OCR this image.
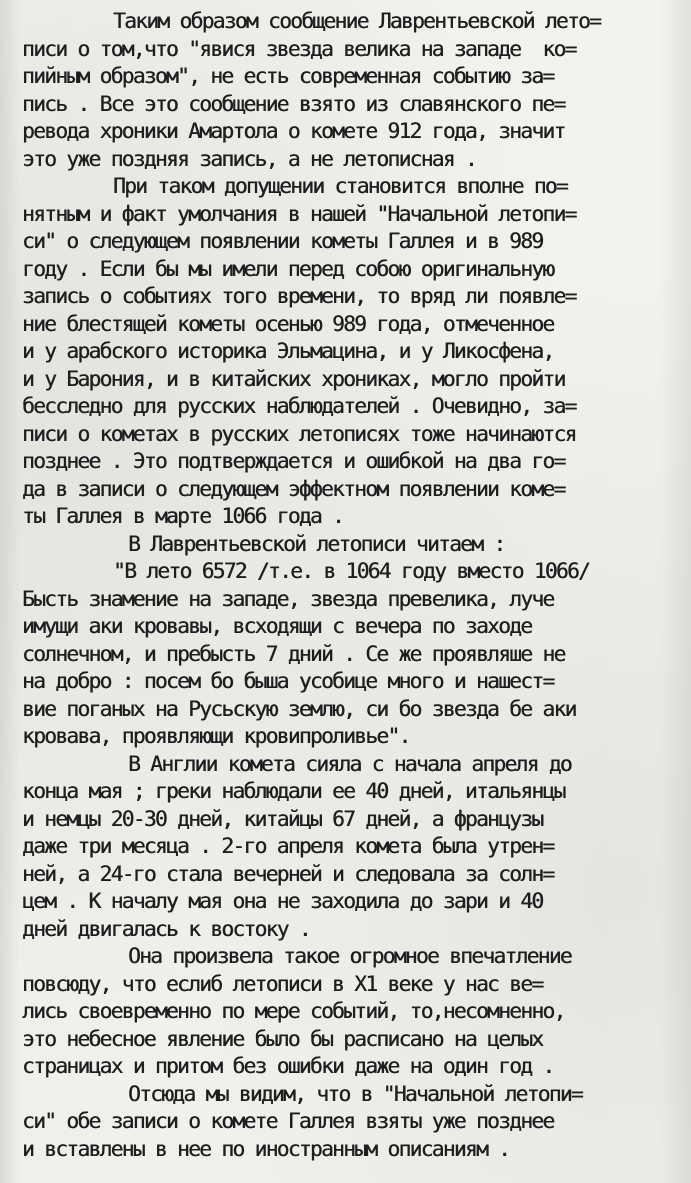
Таким образом сообщение Лаврентьевской лето=
писи о том,что "явися звезда велика на западе  ко=
пийным образом", не есть современная событию за=
пись . Все это сообщение взято из славянского пе=
ревода хроники Амартола о комете 912 года, значит
это уже поздняя запись, а не летописная .
При таком допущении становится вполне по=
нятным и факт умолчания в нашей "Начальной летопи=
си" о следующем появлении кометы Галлея и в 989
году . Если бы мы имели перед собою оригинальную
запись о событиях того времени, то вряд ли появле=
ние блестящей кометы осенью 989 года, отмеченное
и у арабского историка Эльмацина, и у Ликосфена,
и у Барония, и в китайских хрониках, могло пройти
бесследно для русских наблюдателей . Очевидно, за=
писи о кометах в русских летописях тоже начинаются
позднее . Это подтверждается и ошибкой на два го=
да в записи о следующем эффектном появлении коме=
ты Галлея в марте 1066 года .
В Лаврентьевской летописи читаем :
"В лето 6572 /т.е. в 1064 году вместо 1066/
Бысть знамение на западе, звезда превелика, луче
имущи аки кровавы, всходящи с вечера по заходе
солнечном, и пребысть 7 дний . Се же проявляше не
на добро : посем бо быша усобице много и нашест=
вие поганых на Русьскую землю, си бо звезда бе аки
кровава, проявляющи кровипроливье".
В Англии комета сияла с начала апреля до
конца мая ; греки наблюдали ее 40 дней, итальянцы
и немцы 20-30 дней, китайцы 67 дней, а французы
даже три месяца . 2-го апреля комета была утрен=
ней, а 24-го стала вечерней и следовала за солн=
цем . К началу мая она не заходила до зари и 40
дней двигалась к востоку .
Она произвела такое огромное впечатление
повсюду, что еслиб летописи в Х1 веке у нас ве=
лись своевременно по мере событий, то,несомненно,
это небесное явление было бы расписано на целых
страницах и притом без ошибки даже на один год .
Отсюда мы видим, что в "Начальной летопи=
си" обе записи о комете Галлея взяты уже позднее
и вставлены в нее по иностранным описаниям .
